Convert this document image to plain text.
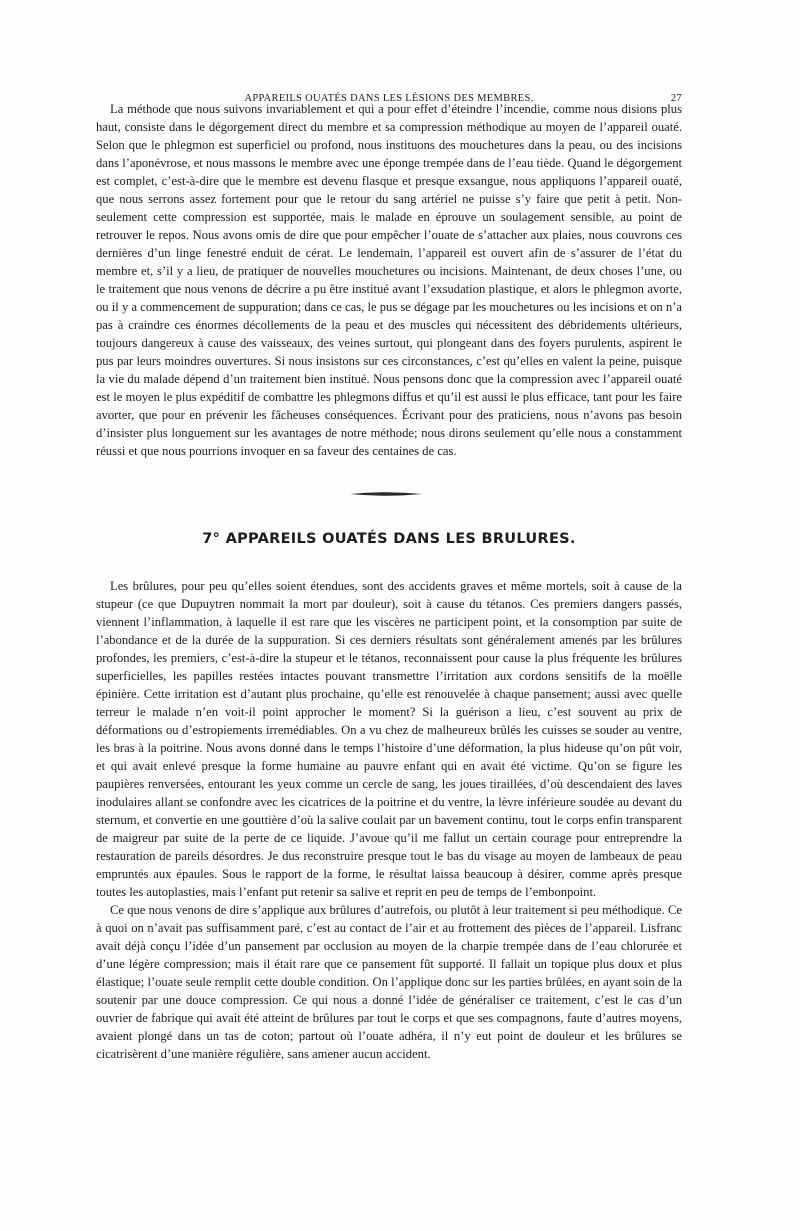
APPAREILS OUATÉS DANS LES LÉSIONS DES MEMBRES.	27

La méthode que nous suivons invariablement et qui a pour effet d’éteindre l’incendie, comme nous disions plus haut, consiste dans le dégorgement direct du membre et sa compression méthodique au moyen de l’appareil ouaté. Selon que le phlegmon est superficiel ou profond, nous instituons des mouchetures dans la peau, ou des incisions dans l’aponévrose, et nous massons le membre avec une éponge trempée dans de l’eau tiède. Quand le dégorgement est complet, c’est-à-dire que le membre est devenu flasque et presque exsangue, nous appliquons l’appareil ouaté, que nous serrons assez fortement pour que le retour du sang artériel ne puisse s’y faire que petit à petit. Non-seulement cette compression est supportée, mais le malade en éprouve un soulagement sensible, au point de retrouver le repos. Nous avons omis de dire que pour empêcher l’ouate de s’attacher aux plaies, nous couvrons ces dernières d’un linge fenestré enduit de cérat. Le lendemain, l’appareil est ouvert afin de s’assurer de l’état du membre et, s’il y a lieu, de pratiquer de nouvelles mouchetures ou incisions. Maintenant, de deux choses l’une, ou le traitement que nous venons de décrire a pu être institué avant l’exsudation plastique, et alors le phlegmon avorte, ou il y a commencement de suppuration; dans ce cas, le pus se dégage par les mouchetures ou les incisions et on n’a pas à craindre ces énormes décollements de la peau et des muscles qui nécessitent des débridements ultérieurs, toujours dangereux à cause des vaisseaux, des veines surtout, qui plongeant dans des foyers purulents, aspirent le pus par leurs moindres ouvertures. Si nous insistons sur ces circonstances, c’est qu’elles en valent la peine, puisque la vie du malade dépend d’un traitement bien institué. Nous pensons donc que la compression avec l’appareil ouaté est le moyen le plus expéditif de combattre les phlegmons diffus et qu’il est aussi le plus efficace, tant pour les faire avorter, que pour en prévenir les fâcheuses conséquences. Écrivant pour des praticiens, nous n’avons pas besoin d’insister plus longuement sur les avantages de notre méthode; nous dirons seulement qu’elle nous a constamment réussi et que nous pourrions invoquer en sa faveur des centaines de cas.

7° APPAREILS OUATÉS DANS LES BRULURES.

Les brûlures, pour peu qu’elles soient étendues, sont des accidents graves et même mortels, soit à cause de la stupeur (ce que Dupuytren nommait la mort par douleur), soit à cause du tétanos. Ces premiers dangers passés, viennent l’inflammation, à laquelle il est rare que les viscères ne participent point, et la consomption par suite de l’abondance et de la durée de la suppuration. Si ces derniers résultats sont généralement amenés par les brûlures profondes, les premiers, c’est-à-dire la stupeur et le tétanos, reconnaissent pour cause la plus fréquente les brûlures superficielles, les papilles restées intactes pouvant transmettre l’irritation aux cordons sensitifs de la moëlle épinière. Cette irritation est d’autant plus prochaine, qu’elle est renouvelée à chaque pansement; aussi avec quelle terreur le malade n’en voit-il point approcher le moment? Si la guérison a lieu, c’est souvent au prix de déformations ou d’estropiements irremédiables. On a vu chez de malheureux brûlés les cuisses se souder au ventre, les bras à la poitrine. Nous avons donné dans le temps l’histoire d’une déformation, la plus hideuse qu’on pût voir, et qui avait enlevé presque la forme humaine au pauvre enfant qui en avait été victime. Qu’on se figure les paupières renversées, entourant les yeux comme un cercle de sang, les joues tiraillées, d’où descendaient des laves inodulaires allant se confondre avec les cicatrices de la poitrine et du ventre, la lèvre inférieure soudée au devant du sternum, et convertie en une gouttière d’où la salive coulait par un bavement continu, tout le corps enfin transparent de maigreur par suite de la perte de ce liquide. J’avoue qu’il me fallut un certain courage pour entreprendre la restauration de pareils désordres. Je dus reconstruire presque tout le bas du visage au moyen de lambeaux de peau empruntés aux épaules. Sous le rapport de la forme, le résultat laissa beaucoup à désirer, comme après presque toutes les autoplasties, mais l’enfant put retenir sa salive et reprit en peu de temps de l’embonpoint.

Ce que nous venons de dire s’applique aux brûlures d’autrefois, ou plutôt à leur traitement si peu méthodique. Ce à quoi on n’avait pas suffisamment paré, c’est au contact de l’air et au frottement des pièces de l’appareil. Lisfranc avait déjà conçu l’idée d’un pansement par occlusion au moyen de la charpie trempée dans de l’eau chlorurée et d’une légère compression; mais il était rare que ce pansement fût supporté. Il fallait un topique plus doux et plus élastique; l’ouate seule remplit cette double condition. On l’applique donc sur les parties brûlées, en ayant soin de la soutenir par une douce compression. Ce qui nous a donné l’idée de généraliser ce traitement, c’est le cas d’un ouvrier de fabrique qui avait été atteint de brûlures par tout le corps et que ses compagnons, faute d’autres moyens, avaient plongé dans un tas de coton; partout où l’ouate adhéra, il n’y eut point de douleur et les brûlures se cicatrisèrent d’une manière régulière, sans amener aucun accident.
